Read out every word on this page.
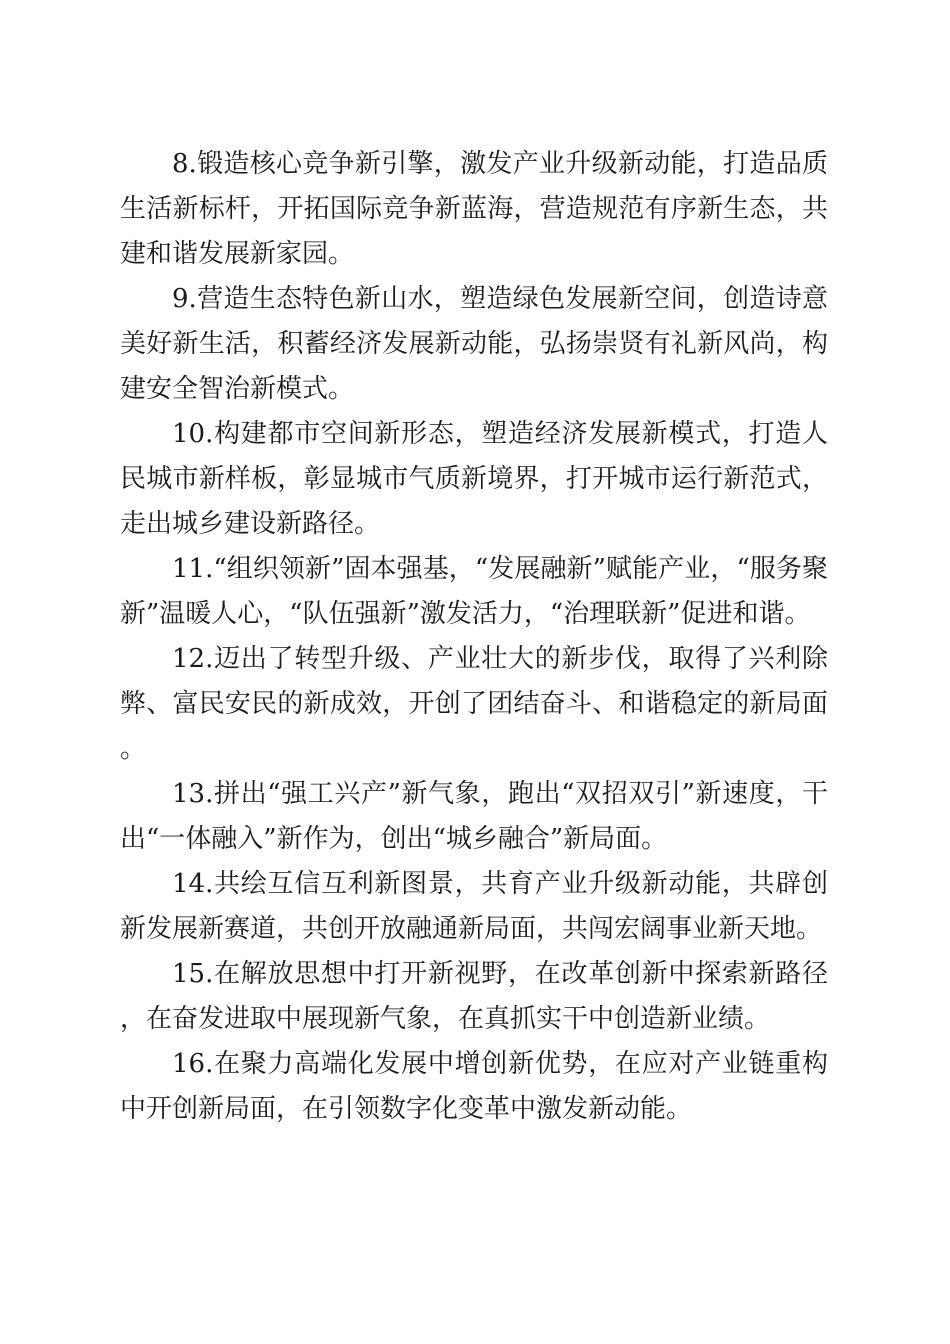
8.锻造核心竞争新引擎，激发产业升级新动能，打造品质生活新标杆，开拓国际竞争新蓝海，营造规范有序新生态，共建和谐发展新家园。

9.营造生态特色新山水，塑造绿色发展新空间，创造诗意美好新生活，积蓄经济发展新动能，弘扬崇贤有礼新风尚，构建安全智治新模式。

10.构建都市空间新形态，塑造经济发展新模式，打造人民城市新样板，彰显城市气质新境界，打开城市运行新范式，走出城乡建设新路径。

11.“组织领新”固本强基，“发展融新”赋能产业，“服务聚新”温暖人心，“队伍强新”激发活力，“治理联新”促进和谐。

12.迈出了转型升级、产业壮大的新步伐，取得了兴利除弊、富民安民的新成效，开创了团结奋斗、和谐稳定的新局面。

13.拼出“强工兴产”新气象，跑出“双招双引”新速度，干出“一体融入”新作为，创出“城乡融合”新局面。

14.共绘互信互利新图景，共育产业升级新动能，共辟创新发展新赛道，共创开放融通新局面，共闯宏阔事业新天地。

15.在解放思想中打开新视野，在改革创新中探索新路径，在奋发进取中展现新气象，在真抓实干中创造新业绩。

16.在聚力高端化发展中增创新优势，在应对产业链重构中开创新局面，在引领数字化变革中激发新动能。
